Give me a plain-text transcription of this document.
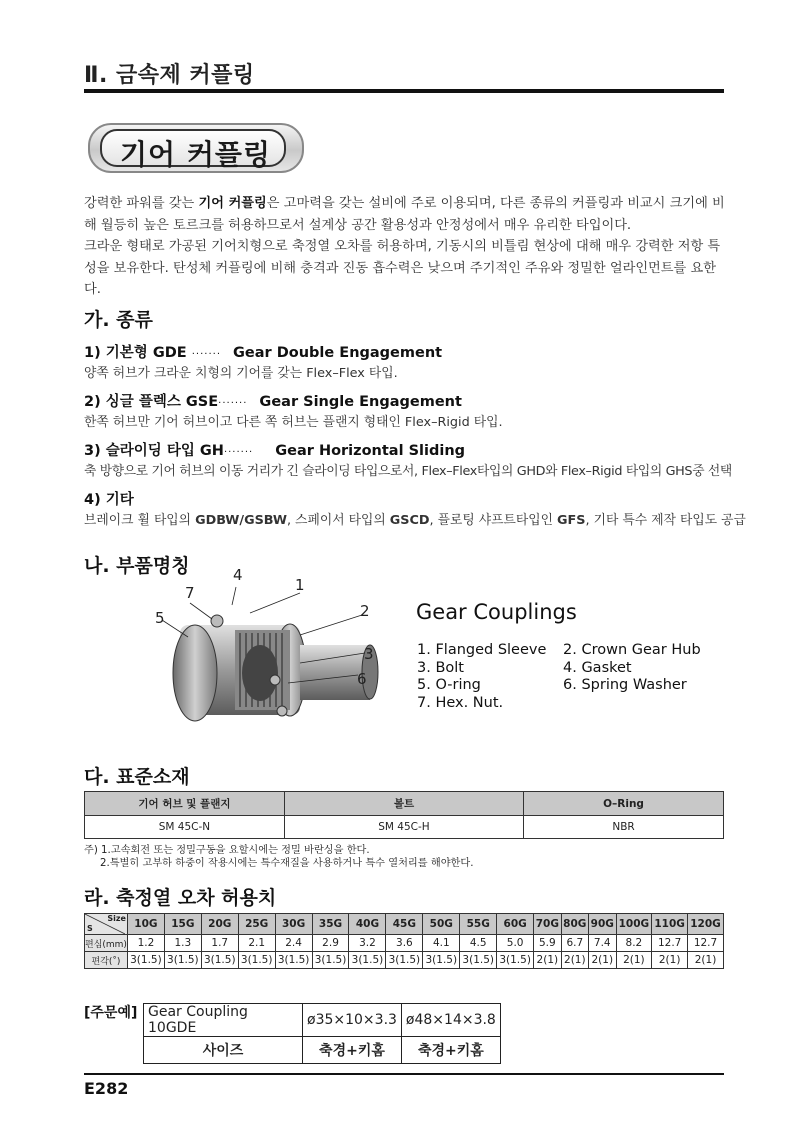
Ⅱ. 금속제 커플링
기어 커플링
강력한 파워를 갖는 기어 커플링은 고마력을 갖는 설비에 주로 이용되며, 다른 종류의 커플링과 비교시 크기에 비해 월등히 높은 토르크를 허용하므로서 설계상 공간 활용성과 안정성에서 매우 유리한 타입이다.
크라운 형태로 가공된 기어치형으로 축정열 오차를 허용하며, 기동시의 비틀림 현상에 대해 매우 강력한 저항 특성을 보유한다. 탄성체 커플링에 비해 충격과 진동 흡수력은 낮으며 주기적인 주유와 정밀한 얼라인먼트를 요한다.
가. 종류
1) 기본형 GDE ······· Gear Double Engagement
양쪽 허브가 크라운 치형의 기어를 갖는 Flex–Flex 타입.
2) 싱글 플렉스 GSE······· Gear Single Engagement
한쪽 허브만 기어 허브이고 다른 쪽 허브는 플랜지 형태인 Flex–Rigid 타입.
3) 슬라이딩 타입 GH······· Gear Horizontal Sliding
축 방향으로 기어 허브의 이동 거리가 긴 슬라이딩 타입으로서, Flex–Flex타입의 GHD와 Flex–Rigid 타입의 GHS중 선택
4) 기타
브레이크 휠 타입의 GDBW/GSBW, 스페이서 타입의 GSCD, 플로팅 샤프트타입인 GFS, 기타 특수 제작 타입도 공급
나. 부품명칭
1
2
3
4
5
6
7
Gear Couplings
1. Flanged Sleeve
3. Bolt
5. O-ring
7. Hex. Nut.
2. Crown Gear Hub
4. Gasket
6. Spring Washer
다. 표준소재
기어 허브 및 플랜지	볼트	O–Ring
SM 45C-N	SM 45C-H	NBR
주) 1.고속회전 또는 정밀구동을 요할시에는 정밀 바란싱을 한다.
2.특별히 고부하 하중이 작용시에는 특수재질을 사용하거나 특수 열처리를 해야한다.
라. 축정열 오차 허용치
Size
S	10G	15G	20G	25G	30G	35G	40G	45G	50G	55G	60G	70G	80G	90G	100G	110G	120G
편심(mm)	1.2	1.3	1.7	2.1	2.4	2.9	3.2	3.6	4.1	4.5	5.0	5.9	6.7	7.4	8.2	12.7	12.7
편각(˚)	3(1.5)	3(1.5)	3(1.5)	3(1.5)	3(1.5)	3(1.5)	3(1.5)	3(1.5)	3(1.5)	3(1.5)	3(1.5)	2(1)	2(1)	2(1)	2(1)	2(1)	2(1)
[주문예] Gear Coupling 10GDE	ø35×10×3.3	ø48×14×3.8
사이즈	축경+키홈	축경+키홈
E282
